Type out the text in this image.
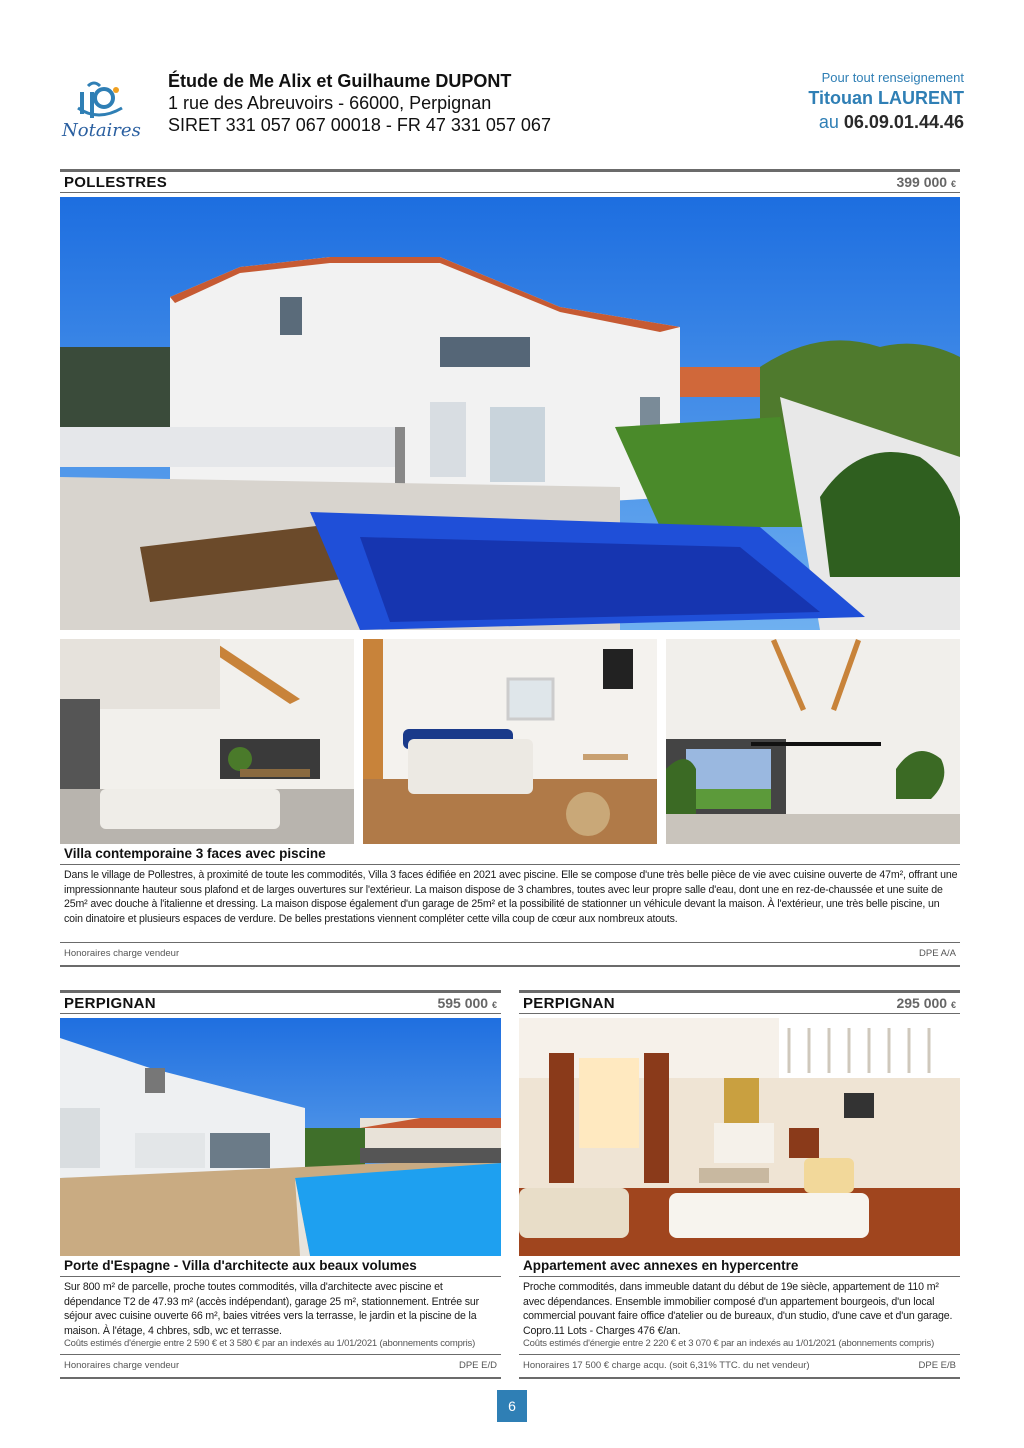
Notaires
Étude de Me Alix et Guilhaume DUPONT
1 rue des Abreuvoirs - 66000, Perpignan
SIRET 331 057 067 00018 - FR 47 331 057 067
Pour tout renseignement
Titouan LAURENT
au 06.09.01.44.46
POLLESTRES	399 000 €
Villa contemporaine 3 faces avec piscine
Dans le village de Pollestres, à proximité de toute les commodités, Villa 3 faces édifiée en 2021 avec piscine. Elle se compose d'une très belle pièce de vie avec cuisine ouverte de 47m², offrant une impressionnante hauteur sous plafond et de larges ouvertures sur l'extérieur. La maison dispose de 3 chambres, toutes avec leur propre salle d'eau, dont une en rez-de-chaussée et une suite de 25m² avec douche à l'italienne et dressing. La maison dispose également d'un garage de 25m² et la possibilité de stationner un véhicule devant la maison. À l'extérieur, une très belle piscine, un coin dinatoire et plusieurs espaces de verdure. De belles prestations viennent compléter cette villa coup de cœur aux nombreux atouts.
Honoraires charge vendeur	DPE A/A
PERPIGNAN	595 000 €
Porte d'Espagne - Villa d'architecte aux beaux volumes
Sur 800 m² de parcelle, proche toutes commodités, villa d'architecte avec piscine et dépendance T2 de 47.93 m² (accès indépendant), garage 25 m², stationnement. Entrée sur séjour avec cuisine ouverte 66 m², baies vitrées vers la terrasse, le jardin et la piscine de la maison. À l'étage, 4 chbres, sdb, wc et terrasse.
Coûts estimés d'énergie entre 2 590 € et 3 580 € par an indexés au 1/01/2021 (abonnements compris)
Honoraires charge vendeur	DPE E/D
PERPIGNAN	295 000 €
Appartement avec annexes en hypercentre
Proche commodités, dans immeuble datant du début de 19e siècle, appartement de 110 m² avec dépendances. Ensemble immobilier composé d'un appartement bourgeois, d'un local commercial pouvant faire office d'atelier ou de bureaux, d'un studio, d'une cave et d'un garage. Copro.11 Lots - Charges 476 €/an.
Coûts estimés d'énergie entre 2 220 € et 3 070 € par an indexés au 1/01/2021 (abonnements compris)
Honoraires 17 500 € charge acqu. (soit 6,31% TTC. du net vendeur)	DPE E/B
6
